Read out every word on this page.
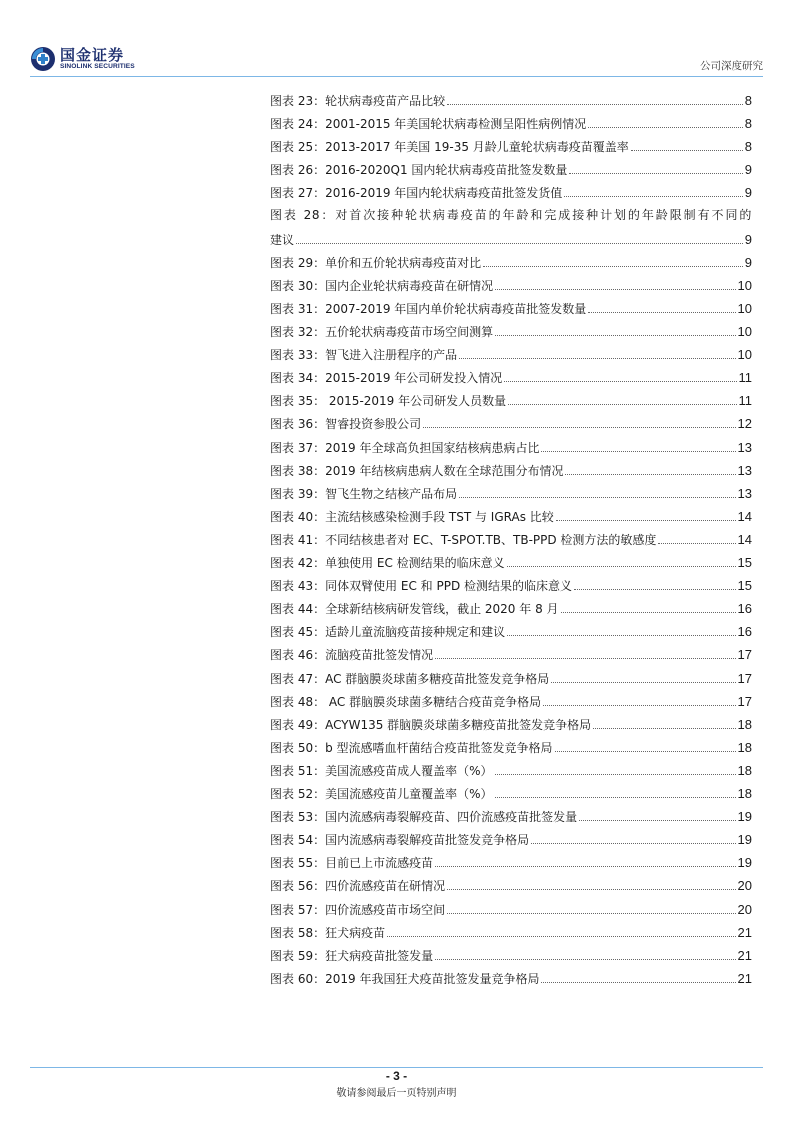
国金证券
SINOLINK SECURITIES	公司深度研究
图表 23：轮状病毒疫苗产品比较	8
图表 24：2001-2015 年美国轮状病毒检测呈阳性病例情况	8
图表 25：2013-2017 年美国 19-35 月龄儿童轮状病毒疫苗覆盖率	8
图表 26：2016-2020Q1 国内轮状病毒疫苗批签发数量	9
图表 27：2016-2019 年国内轮状病毒疫苗批签发货值	9
图表 28：对首次接种轮状病毒疫苗的年龄和完成接种计划的年龄限制有不同的
建议	9
图表 29：单价和五价轮状病毒疫苗对比	9
图表 30：国内企业轮状病毒疫苗在研情况	10
图表 31：2007-2019 年国内单价轮状病毒疫苗批签发数量	10
图表 32：五价轮状病毒疫苗市场空间测算	10
图表 33：智飞进入注册程序的产品	10
图表 34：2015-2019 年公司研发投入情况	11
图表 35： 2015-2019 年公司研发人员数量	11
图表 36：智睿投资参股公司	12
图表 37：2019 年全球高负担国家结核病患病占比	13
图表 38：2019 年结核病患病人数在全球范围分布情况	13
图表 39：智飞生物之结核产品布局	13
图表 40：主流结核感染检测手段 TST 与 IGRAs 比较	14
图表 41：不同结核患者对 EC、T-SPOT.TB、TB-PPD 检测方法的敏感度	14
图表 42：单独使用 EC 检测结果的临床意义	15
图表 43：同体双臂使用 EC 和 PPD 检测结果的临床意义	15
图表 44：全球新结核病研发管线，截止 2020 年 8 月	16
图表 45：适龄儿童流脑疫苗接种规定和建议	16
图表 46：流脑疫苗批签发情况	17
图表 47：AC 群脑膜炎球菌多糖疫苗批签发竞争格局	17
图表 48： AC 群脑膜炎球菌多糖结合疫苗竞争格局	17
图表 49：ACYW135 群脑膜炎球菌多糖疫苗批签发竞争格局	18
图表 50：b 型流感嗜血杆菌结合疫苗批签发竞争格局	18
图表 51：美国流感疫苗成人覆盖率（%）	18
图表 52：美国流感疫苗儿童覆盖率（%）	18
图表 53：国内流感病毒裂解疫苗、四价流感疫苗批签发量	19
图表 54：国内流感病毒裂解疫苗批签发竞争格局	19
图表 55：目前已上市流感疫苗	19
图表 56：四价流感疫苗在研情况	20
图表 57：四价流感疫苗市场空间	20
图表 58：狂犬病疫苗	21
图表 59：狂犬病疫苗批签发量	21
图表 60：2019 年我国狂犬疫苗批签发量竞争格局	21
- 3 -
敬请参阅最后一页特别声明
